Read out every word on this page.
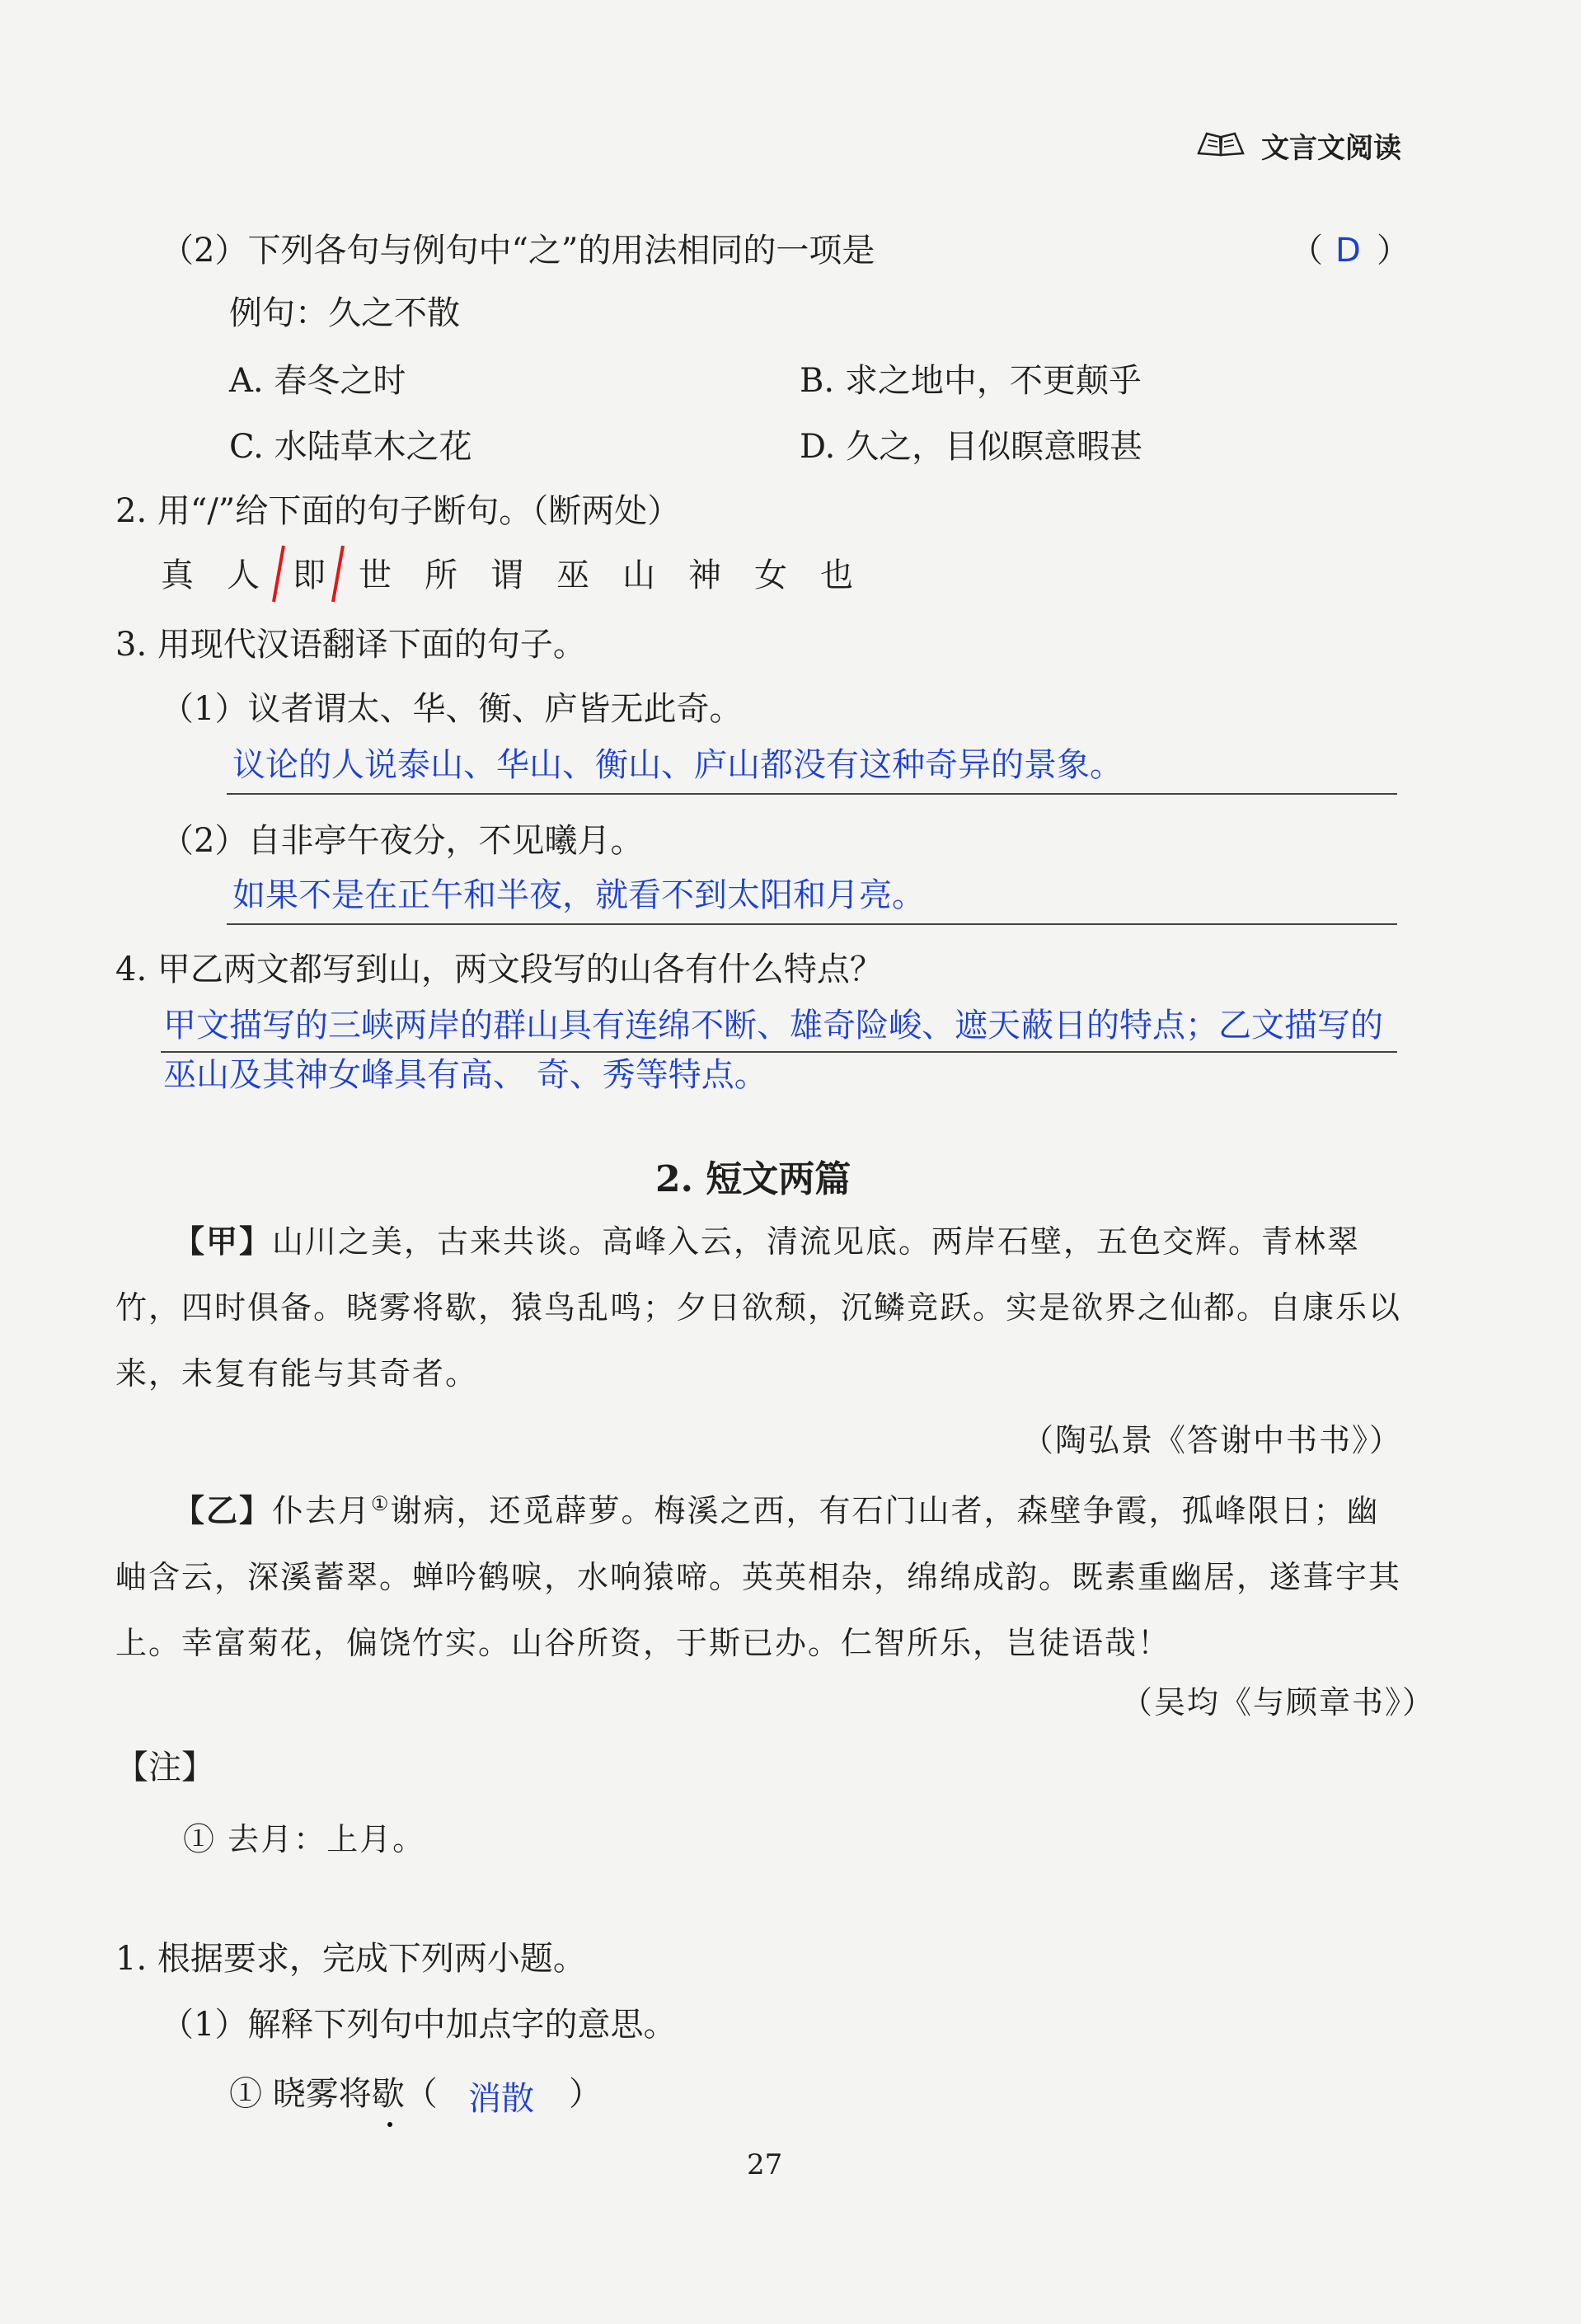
文言文阅读
（2）下列各句与例句中“之”的用法相同的一项是	（ D ）
例句：久之不散
A. 春冬之时	B. 求之地中，不更颠乎
C. 水陆草木之花	D. 久之，目似瞑意暇甚
2. 用“/”给下面的句子断句。（断两处）
真 人 即 世 所 谓 巫 山 神 女 也
3. 用现代汉语翻译下面的句子。
（1）议者谓太、华、衡、庐皆无此奇。
议论的人说泰山、华山、衡山、庐山都没有这种奇异的景象。
（2）自非亭午夜分，不见曦月。
如果不是在正午和半夜，就看不到太阳和月亮。
4. 甲乙两文都写到山，两文段写的山各有什么特点？
甲文描写的三峡两岸的群山具有连绵不断、雄奇险峻、遮天蔽日的特点；乙文描写的
巫山及其神女峰具有高、 奇、秀等特点。
2. 短文两篇
【甲】山川之美，古来共谈。高峰入云，清流见底。两岸石壁，五色交辉。青林翠
竹，四时俱备。晓雾将歇，猿鸟乱鸣；夕日欲颓，沉鳞竞跃。实是欲界之仙都。自康乐以
来，未复有能与其奇者。
（陶弘景《答谢中书书》）
【乙】仆去月①谢病，还觅薜萝。梅溪之西，有石门山者，森壁争霞，孤峰限日；幽
岫含云，深溪蓄翠。蝉吟鹤唳，水响猿啼。英英相杂，绵绵成韵。既素重幽居，遂葺宇其
上。幸富菊花，偏饶竹实。山谷所资，于斯已办。仁智所乐，岂徒语哉！
（吴均《与顾章书》）
【注】
① 去月：上月。
1. 根据要求，完成下列两小题。
（1）解释下列句中加点字的意思。
① 晓雾将歇（ 消散 ）
27
